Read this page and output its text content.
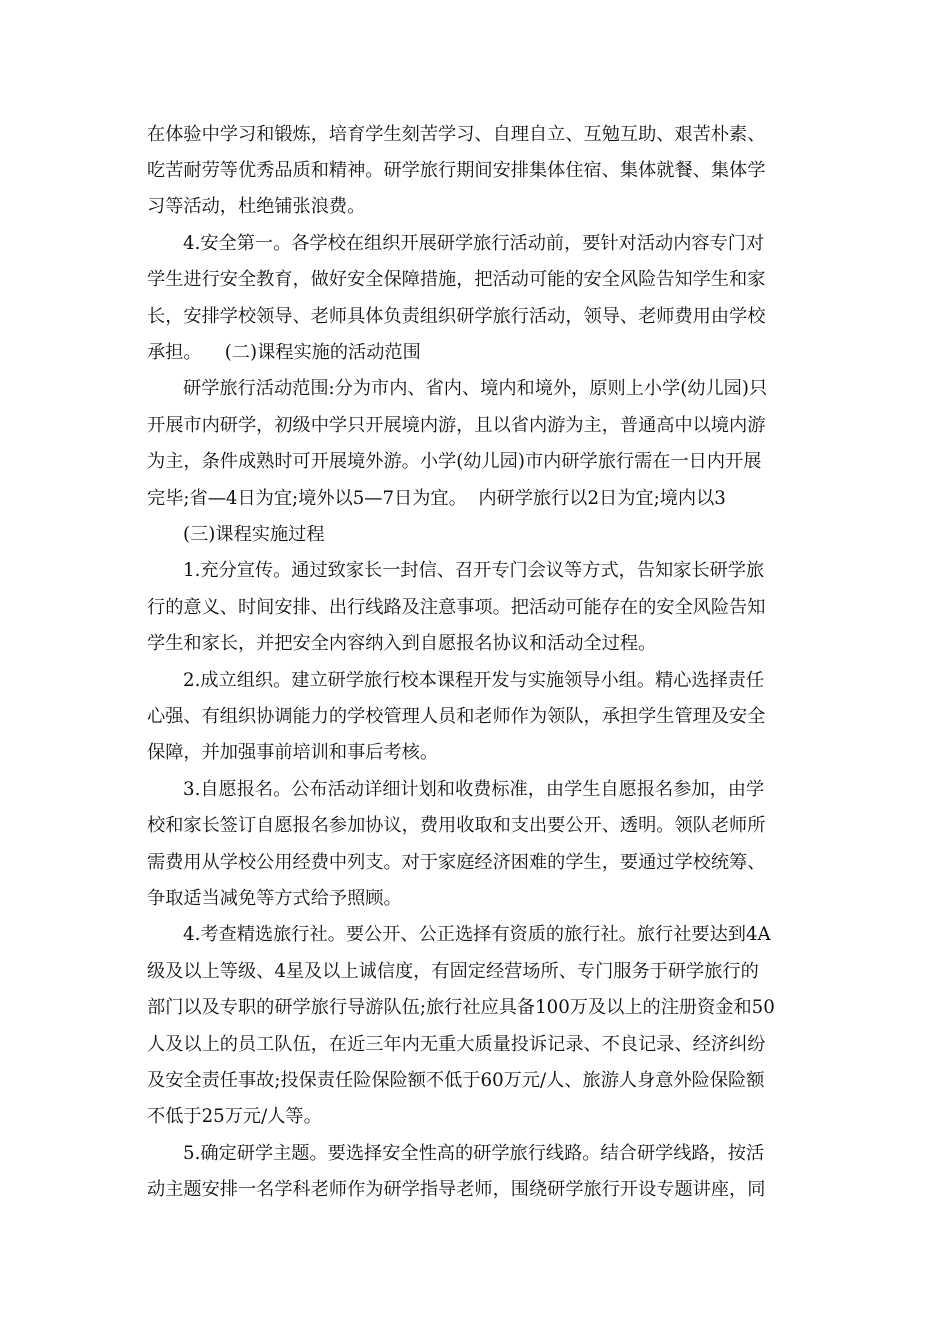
在体验中学习和锻炼，培育学生刻苦学习、自理自立、互勉互助、艰苦朴素、
吃苦耐劳等优秀品质和精神。研学旅行期间安排集体住宿、集体就餐、集体学
习等活动，杜绝铺张浪费。
4.安全第一。各学校在组织开展研学旅行活动前，要针对活动内容专门对
学生进行安全教育，做好安全保障措施，把活动可能的安全风险告知学生和家
长，安排学校领导、老师具体负责组织研学旅行活动，领导、老师费用由学校
承担。    (二)课程实施的活动范围
研学旅行活动范围:分为市内、省内、境内和境外，原则上小学(幼儿园)只
开展市内研学，初级中学只开展境内游，且以省内游为主，普通高中以境内游
为主，条件成熟时可开展境外游。小学(幼儿园)市内研学旅行需在一日内开展
完毕;省—4日为宜;境外以5—7日为宜。  内研学旅行以2日为宜;境内以3
(三)课程实施过程
1.充分宣传。通过致家长一封信、召开专门会议等方式，告知家长研学旅
行的意义、时间安排、出行线路及注意事项。把活动可能存在的安全风险告知
学生和家长，并把安全内容纳入到自愿报名协议和活动全过程。
2.成立组织。建立研学旅行校本课程开发与实施领导小组。精心选择责任
心强、有组织协调能力的学校管理人员和老师作为领队，承担学生管理及安全
保障，并加强事前培训和事后考核。
3.自愿报名。公布活动详细计划和收费标准，由学生自愿报名参加，由学
校和家长签订自愿报名参加协议，费用收取和支出要公开、透明。领队老师所
需费用从学校公用经费中列支。对于家庭经济困难的学生，要通过学校统筹、
争取适当减免等方式给予照顾。
4.考查精选旅行社。要公开、公正选择有资质的旅行社。旅行社要达到4A
级及以上等级、4星及以上诚信度，有固定经营场所、专门服务于研学旅行的
部门以及专职的研学旅行导游队伍;旅行社应具备100万及以上的注册资金和50
人及以上的员工队伍，在近三年内无重大质量投诉记录、不良记录、经济纠纷
及安全责任事故;投保责任险保险额不低于60万元/人、旅游人身意外险保险额
不低于25万元/人等。
5.确定研学主题。要选择安全性高的研学旅行线路。结合研学线路，按活
动主题安排一名学科老师作为研学指导老师，围绕研学旅行开设专题讲座，同
